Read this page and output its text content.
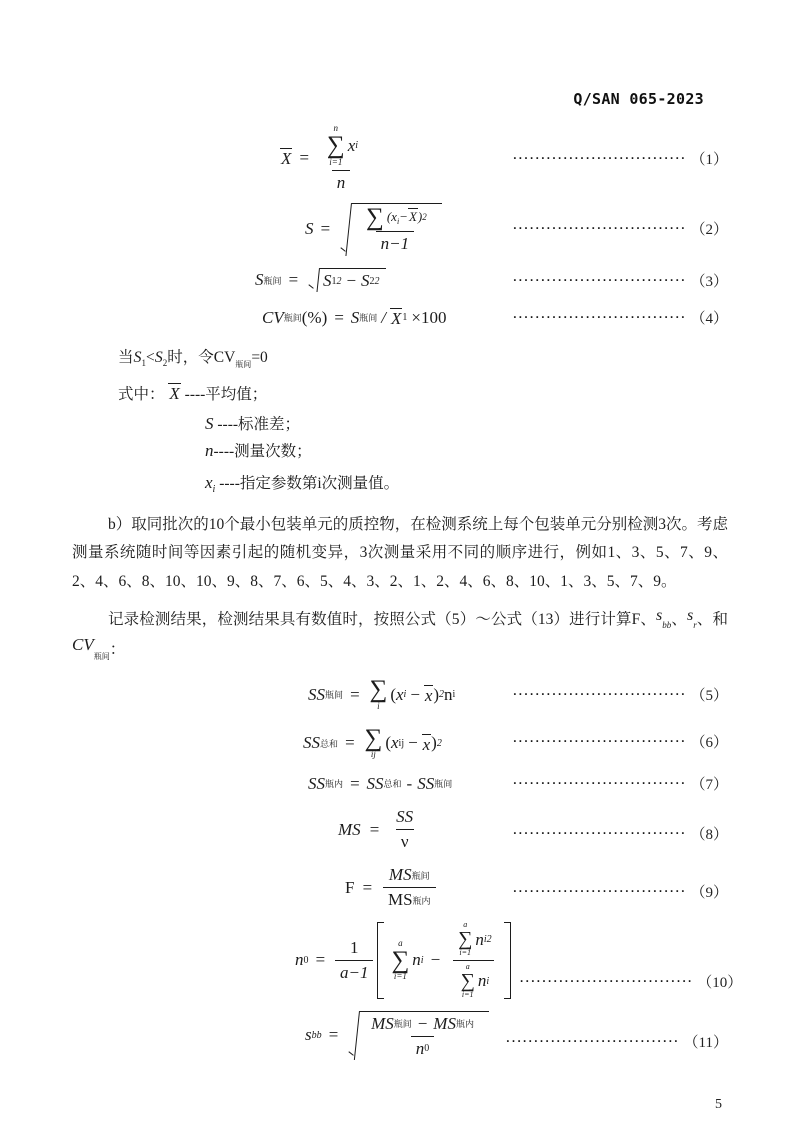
Q/SAN 065-2023
X =
n
∑
i=1
x i
n
······························· （1）
S = ∑ $(x_i-X)$ 2
n−1
······························· （2）
S 瓶间 = S 1 2 − S 2 2	······························· （3）
CV 瓶间 (%) = S 瓶间 / X 1 ×100	······························· （4）
当$S_1<S_2$时，令$CV_{瓶间}=0$
式中： X ----平均值；
S ----标准差；
n----测量次数；
$x_i$ ----指定参数第i次测量值。
b）取同批次的10个最小包装单元的质控物，在检测系统上每个包装单元分别检测3次。考虑测量系统随时间等因素引起的随机变异，3次测量采用不同的顺序进行，例如1、3、5、7、9、2、4、6、8、10、10、9、8、7、6、5、4、3、2、1、2、4、6、8、10、1、3、5、7、9。
记录检测结果，检测结果具有数值时，按照公式（5）～公式（13）进行计算F、$s_{bb}$、$s_r$、和$CV_{瓶间}$：
SS 瓶间 = ∑
i
( x i − x ) 2 n i	······························· （5）
SS 总和 = ∑
ij
( x ij − x ) 2	······························· （6）
SS 瓶内 = SS 总和 - SS 瓶间	······························· （7）
MS = $\frac{SS}{\nu}$	······························· （8）
$F = \frac{\text{MS 瓶间}}{\text{MS 瓶内}}$	······························· （9）
n $0 = \frac{1}{a-1}$	a
∑
i=1
n i −
a
∑
i=1
n i 2
a
∑
i=1
n i	······························· （10）
s bb = $\frac{\text{MS 瓶间 − MS 瓶内}}{n 0}$ ······························· （11）
5
